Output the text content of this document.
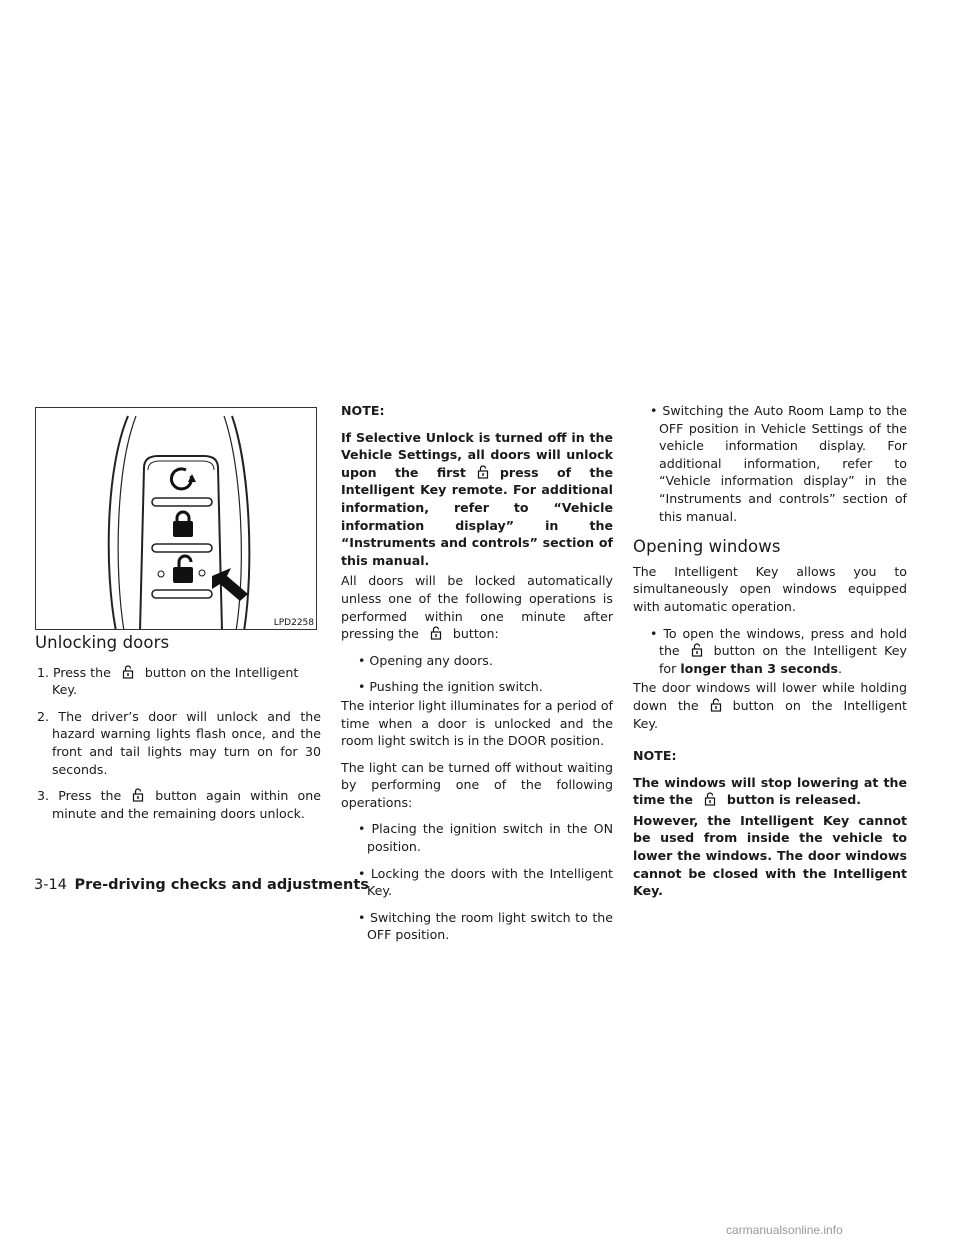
LPD2258
Unlocking doors

1. Press the	button on the Intelligent Key.

2. The driver’s door will unlock and the hazard warning lights flash once, and the front and tail lights may turn on for 30 seconds.

3. Press the	button again within one minute and the remaining doors unlock.

NOTE:

If Selective Unlock is turned off in the Vehicle Settings, all doors will unlock upon the first	press of the Intelligent Key remote. For additional information, refer to “Vehicle information display” in the “Instruments and controls” section of this manual.

All doors will be locked automatically unless one of the following operations is performed within one minute after pressing the	button:

• Opening any doors.

• Pushing the ignition switch.

The interior light illuminates for a period of time when a door is unlocked and the room light switch is in the DOOR position.

The light can be turned off without waiting by performing one of the following operations:

• Placing the ignition switch in the ON position.

• Locking the doors with the Intelligent Key.

• Switching the room light switch to the OFF position.

• Switching the Auto Room Lamp to the OFF position in Vehicle Settings of the vehicle information display. For additional information, refer to “Vehicle information display” in the “Instruments and controls” section of this manual.

Opening windows

The Intelligent Key allows you to simultaneously open windows equipped with automatic operation.

• To open the windows, press and hold the	button on the Intelligent Key for longer than 3 seconds.

The door windows will lower while holding down the	button on the Intelligent Key.

NOTE:

The windows will stop lowering at the time the	button is released.

However, the Intelligent Key cannot be used from inside the vehicle to lower the windows. The door windows cannot be closed with the Intelligent Key.

3-14 Pre-driving checks and adjustments
carmanualsonline.info
